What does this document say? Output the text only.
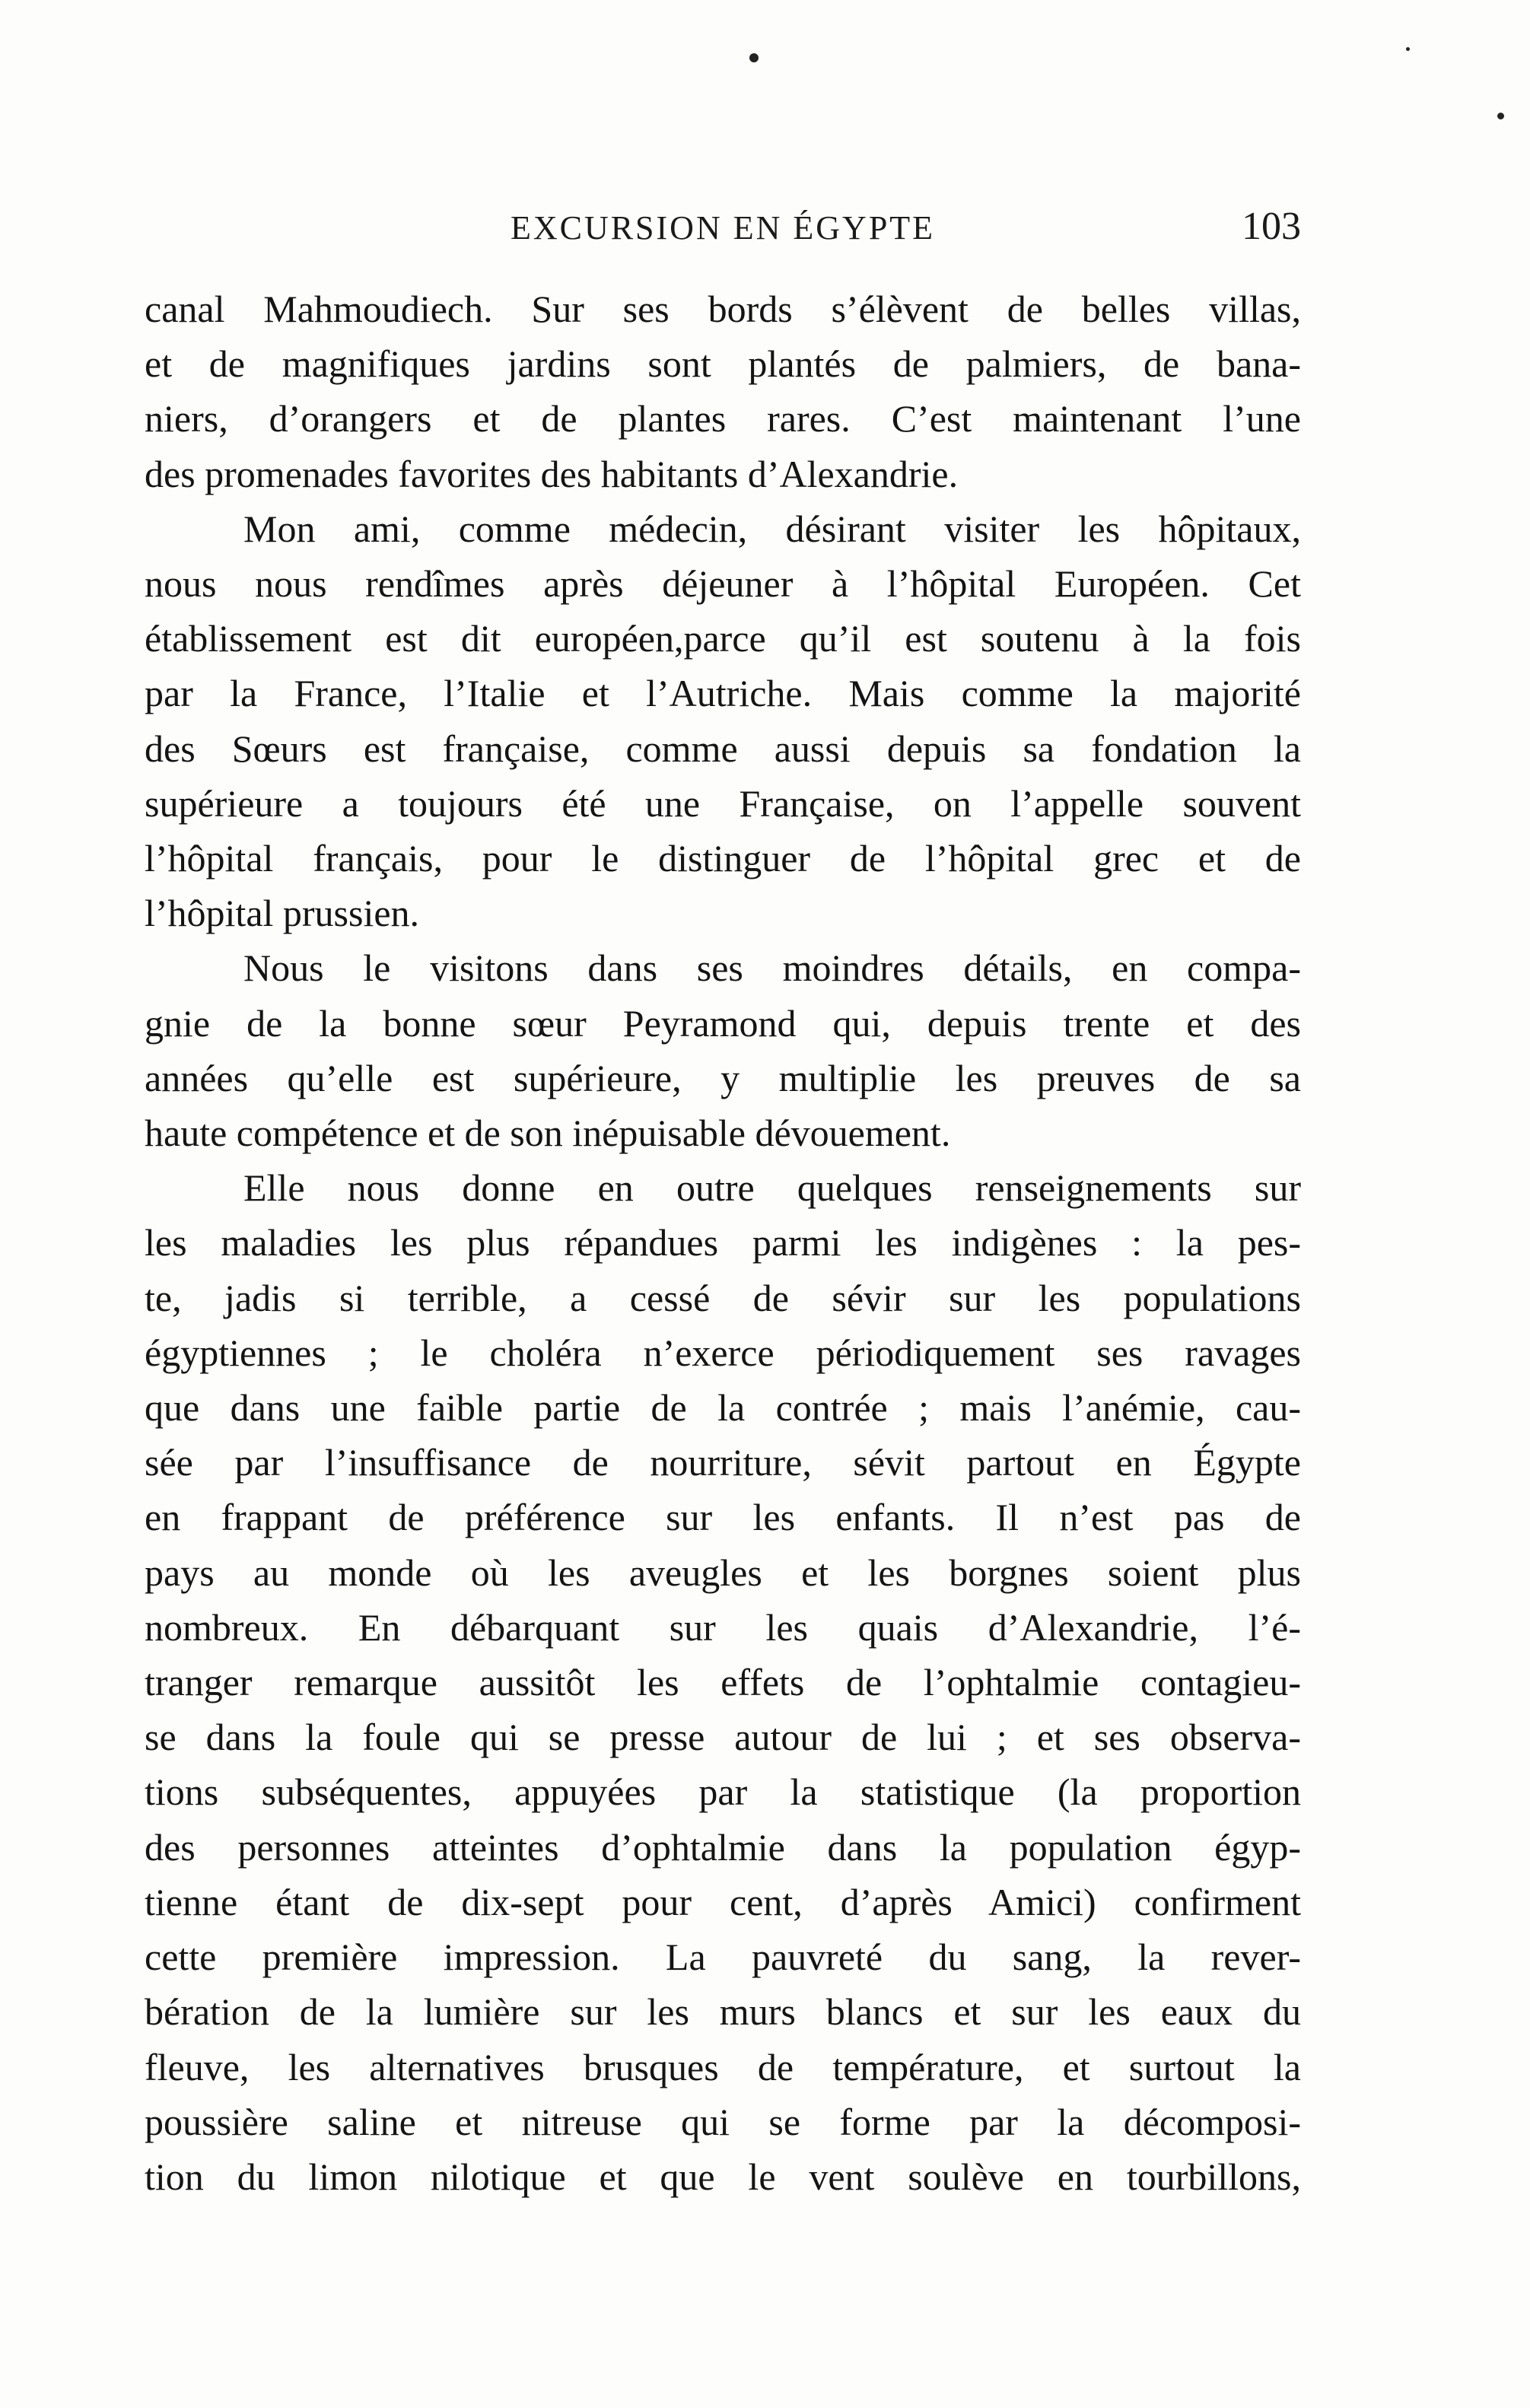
EXCURSION EN ÉGYPTE	103
canal Mahmoudiech. Sur ses bords s’élèvent de belles villas,
et de magnifiques jardins sont plantés de palmiers, de bana-
niers, d’orangers et de plantes rares. C’est maintenant l’une
des promenades favorites des habitants d’Alexandrie.
Mon ami, comme médecin, désirant visiter les hôpitaux,
nous nous rendîmes après déjeuner à l’hôpital Européen. Cet
établissement est dit européen,parce qu’il est soutenu à la fois
par la France, l’Italie et l’Autriche. Mais comme la majorité
des Sœurs est française, comme aussi depuis sa fondation la
supérieure a toujours été une Française, on l’appelle souvent
l’hôpital français, pour le distinguer de l’hôpital grec et de
l’hôpital prussien.
Nous le visitons dans ses moindres détails, en compa-
gnie de la bonne sœur Peyramond qui, depuis trente et des
années qu’elle est supérieure, y multiplie les preuves de sa
haute compétence et de son inépuisable dévouement.
Elle nous donne en outre quelques renseignements sur
les maladies les plus répandues parmi les indigènes : la pes-
te, jadis si terrible, a cessé de sévir sur les populations
égyptiennes ; le choléra n’exerce périodiquement ses ravages
que dans une faible partie de la contrée ; mais l’anémie, cau-
sée par l’insuffisance de nourriture, sévit partout en Égypte
en frappant de préférence sur les enfants. Il n’est pas de
pays au monde où les aveugles et les borgnes soient plus
nombreux. En débarquant sur les quais d’Alexandrie, l’é-
tranger remarque aussitôt les effets de l’ophtalmie contagieu-
se dans la foule qui se presse autour de lui ; et ses observa-
tions subséquentes, appuyées par la statistique (la proportion
des personnes atteintes d’ophtalmie dans la population égyp-
tienne étant de dix-sept pour cent, d’après Amici) confirment
cette première impression. La pauvreté du sang, la rever-
bération de la lumière sur les murs blancs et sur les eaux du
fleuve, les alternatives brusques de température, et surtout la
poussière saline et nitreuse qui se forme par la décomposi-
tion du limon nilotique et que le vent soulève en tourbillons,
